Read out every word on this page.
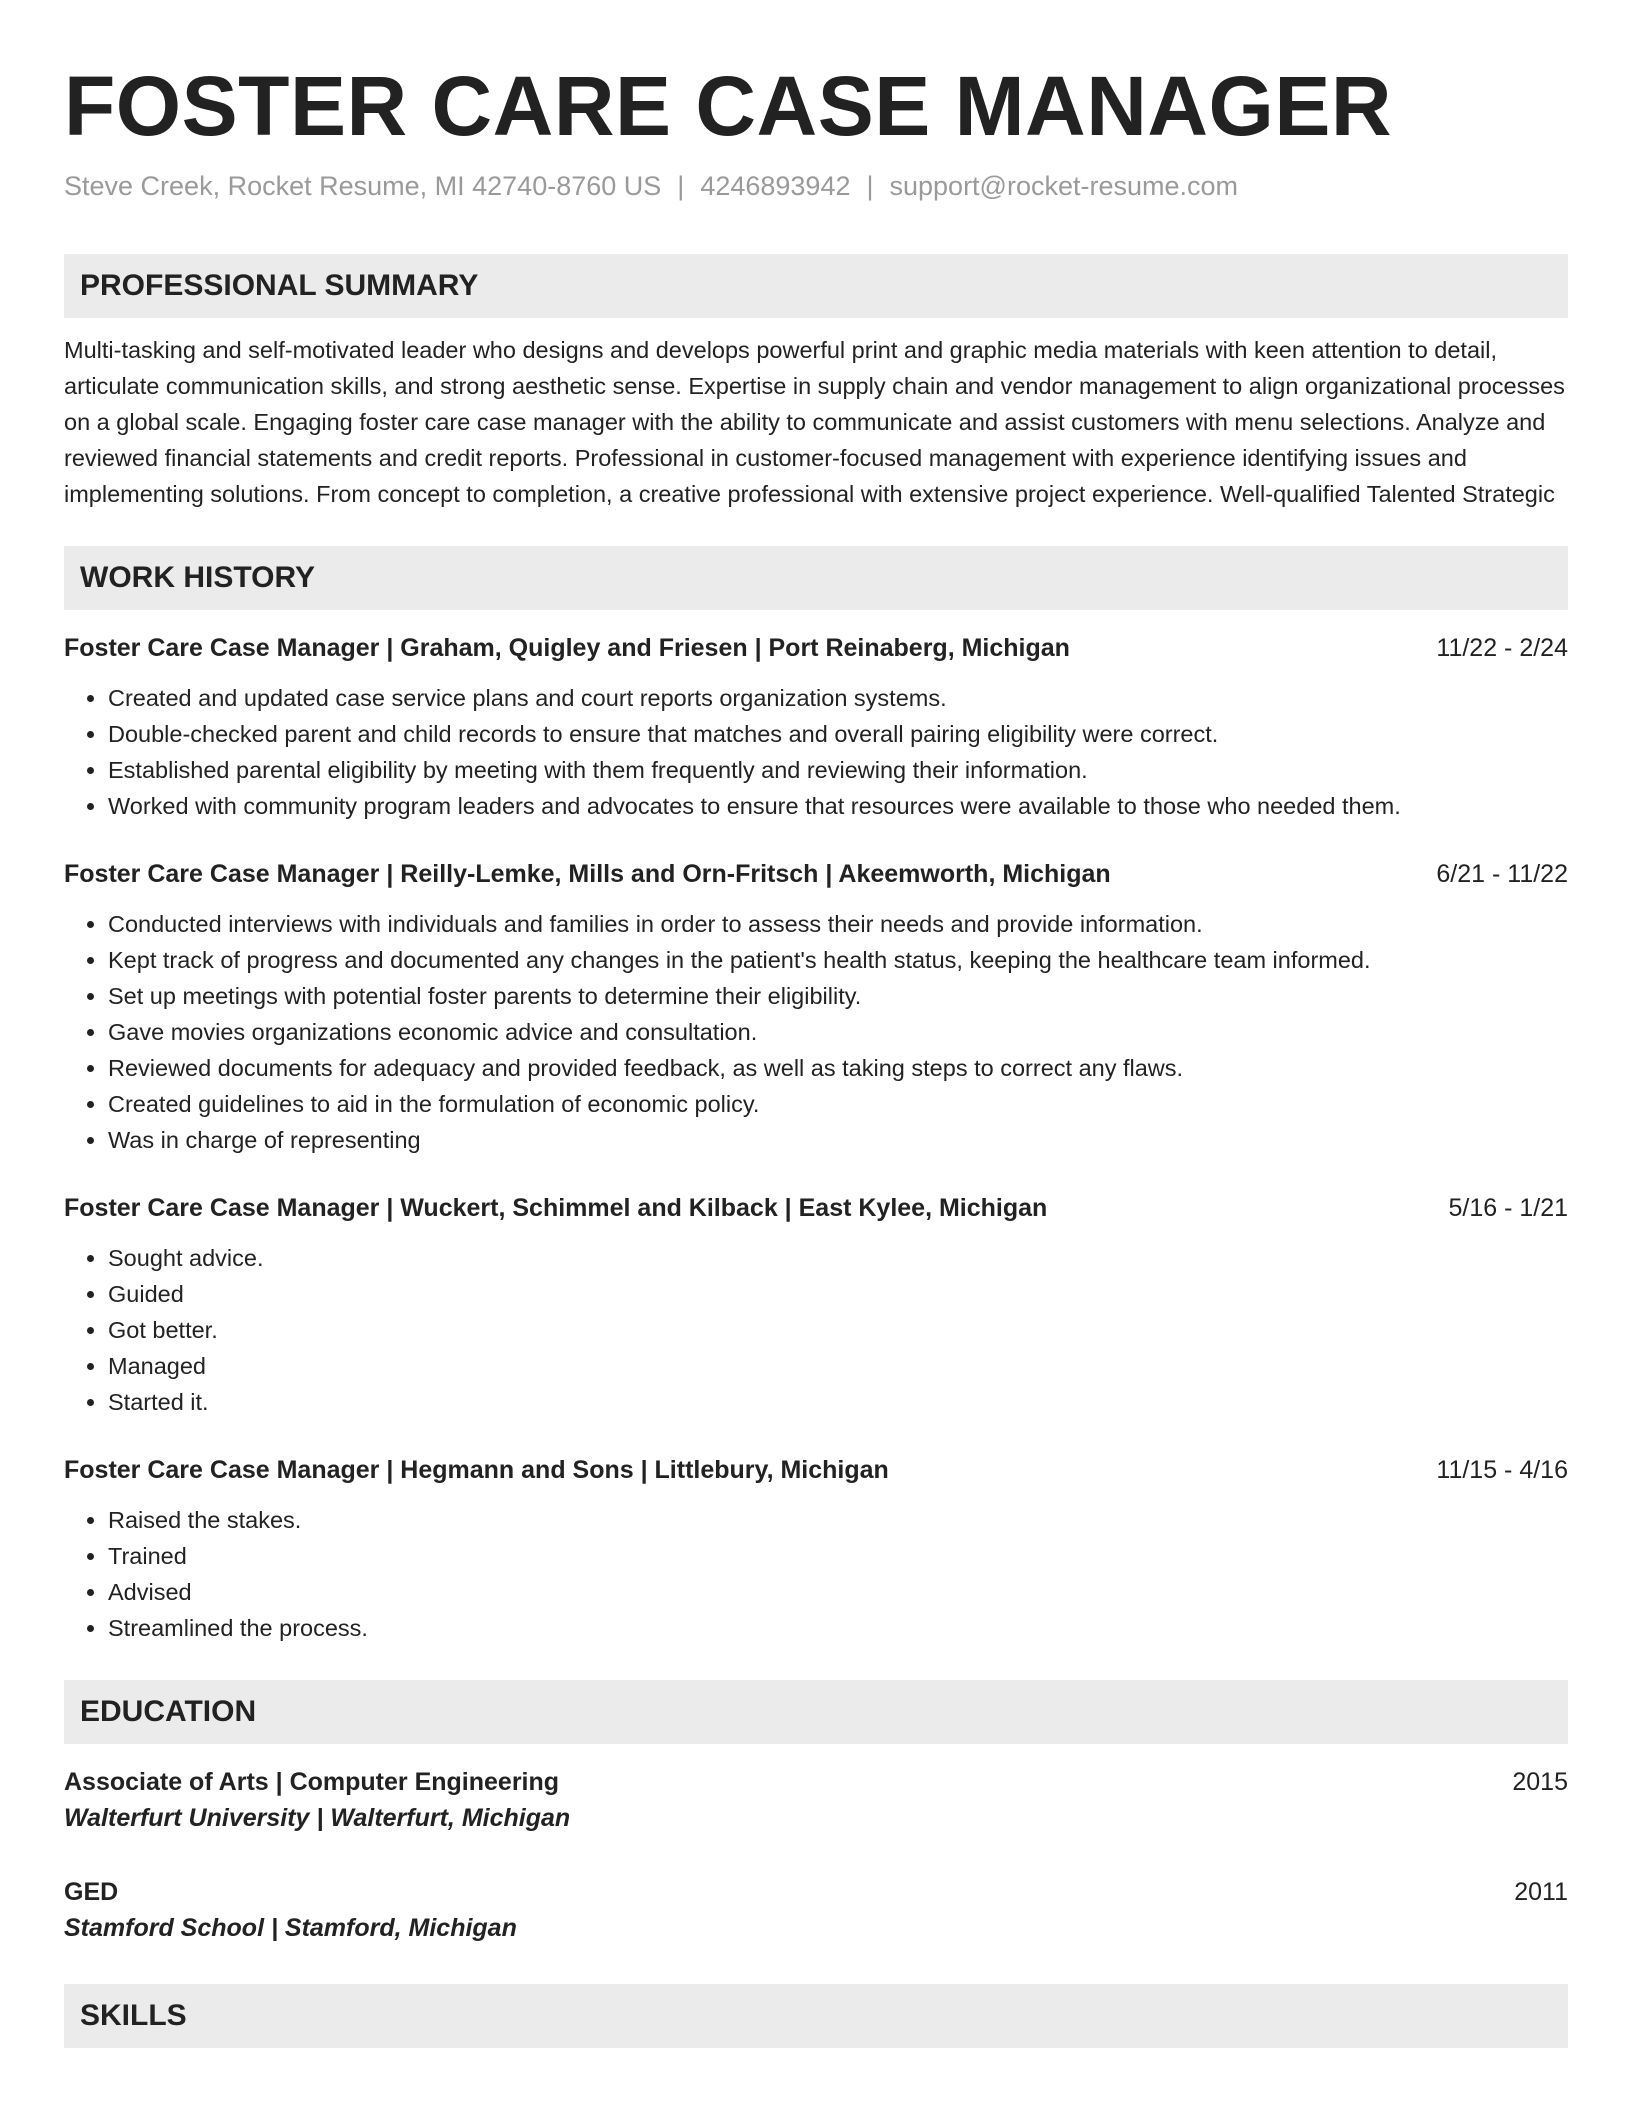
FOSTER CARE CASE MANAGER
Steve Creek, Rocket Resume, MI 42740-8760 US | 4246893942 | support@rocket-resume.com
PROFESSIONAL SUMMARY
Multi-tasking and self-motivated leader who designs and develops powerful print and graphic media materials with keen attention to detail, articulate communication skills, and strong aesthetic sense. Expertise in supply chain and vendor management to align organizational processes on a global scale. Engaging foster care case manager with the ability to communicate and assist customers with menu selections. Analyze and reviewed financial statements and credit reports. Professional in customer-focused management with experience identifying issues and implementing solutions. From concept to completion, a creative professional with extensive project experience. Well-qualified Talented Strategic
WORK HISTORY
Foster Care Case Manager | Graham, Quigley and Friesen | Port Reinaberg, Michigan	11/22 - 2/24
• Created and updated case service plans and court reports organization systems.
• Double-checked parent and child records to ensure that matches and overall pairing eligibility were correct.
• Established parental eligibility by meeting with them frequently and reviewing their information.
• Worked with community program leaders and advocates to ensure that resources were available to those who needed them.
Foster Care Case Manager | Reilly-Lemke, Mills and Orn-Fritsch | Akeemworth, Michigan	6/21 - 11/22
• Conducted interviews with individuals and families in order to assess their needs and provide information.
• Kept track of progress and documented any changes in the patient's health status, keeping the healthcare team informed.
• Set up meetings with potential foster parents to determine their eligibility.
• Gave movies organizations economic advice and consultation.
• Reviewed documents for adequacy and provided feedback, as well as taking steps to correct any flaws.
• Created guidelines to aid in the formulation of economic policy.
• Was in charge of representing
Foster Care Case Manager | Wuckert, Schimmel and Kilback | East Kylee, Michigan	5/16 - 1/21
• Sought advice.
• Guided
• Got better.
• Managed
• Started it.
Foster Care Case Manager | Hegmann and Sons | Littlebury, Michigan	11/15 - 4/16
• Raised the stakes.
• Trained
• Advised
• Streamlined the process.
EDUCATION
Associate of Arts | Computer Engineering	2015
Walterfurt University | Walterfurt, Michigan
GED	2011
Stamford School | Stamford, Michigan
SKILLS
